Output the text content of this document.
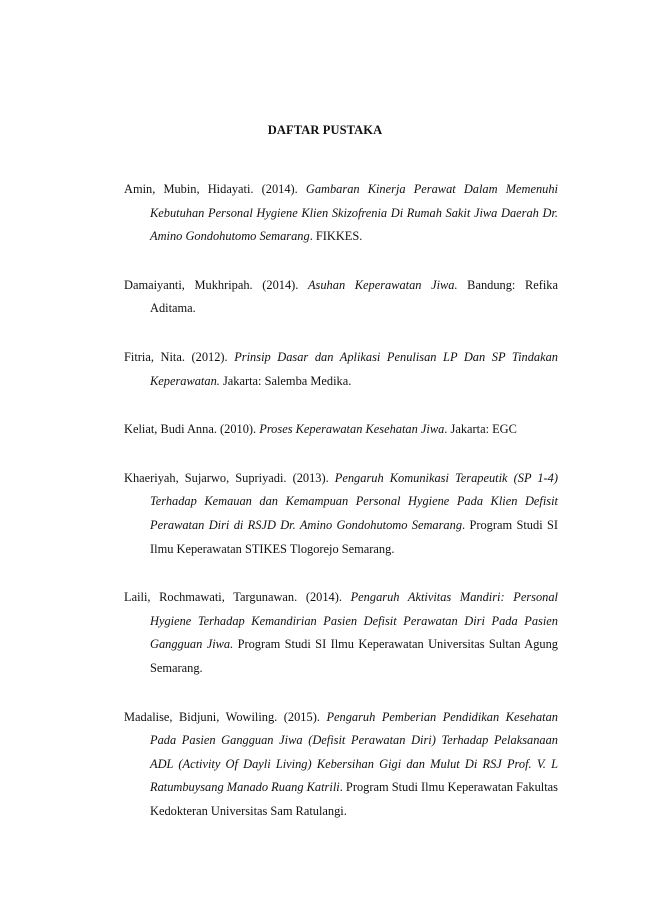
DAFTAR PUSTAKA

Amin, Mubin, Hidayati. (2014). Gambaran Kinerja Perawat Dalam Memenuhi Kebutuhan Personal Hygiene Klien Skizofrenia Di Rumah Sakit Jiwa Daerah Dr. Amino Gondohutomo Semarang. FIKKES.

Damaiyanti, Mukhripah. (2014). Asuhan Keperawatan Jiwa. Bandung: Refika Aditama.

Fitria, Nita. (2012). Prinsip Dasar dan Aplikasi Penulisan LP Dan SP Tindakan Keperawatan. Jakarta: Salemba Medika.

Keliat, Budi Anna. (2010). Proses Keperawatan Kesehatan Jiwa. Jakarta: EGC

Khaeriyah, Sujarwo, Supriyadi. (2013). Pengaruh Komunikasi Terapeutik (SP 1-4) Terhadap Kemauan dan Kemampuan Personal Hygiene Pada Klien Defisit Perawatan Diri di RSJD Dr. Amino Gondohutomo Semarang. Program Studi SI Ilmu Keperawatan STIKES Tlogorejo Semarang.

Laili, Rochmawati, Targunawan. (2014). Pengaruh Aktivitas Mandiri: Personal Hygiene Terhadap Kemandirian Pasien Defisit Perawatan Diri Pada Pasien Gangguan Jiwa. Program Studi SI Ilmu Keperawatan Universitas Sultan Agung Semarang.

Madalise, Bidjuni, Wowiling. (2015). Pengaruh Pemberian Pendidikan Kesehatan Pada Pasien Gangguan Jiwa (Defisit Perawatan Diri) Terhadap Pelaksanaan ADL (Activity Of Dayli Living) Kebersihan Gigi dan Mulut Di RSJ Prof. V. L Ratumbuysang Manado Ruang Katrili. Program Studi Ilmu Keperawatan Fakultas Kedokteran Universitas Sam Ratulangi.
